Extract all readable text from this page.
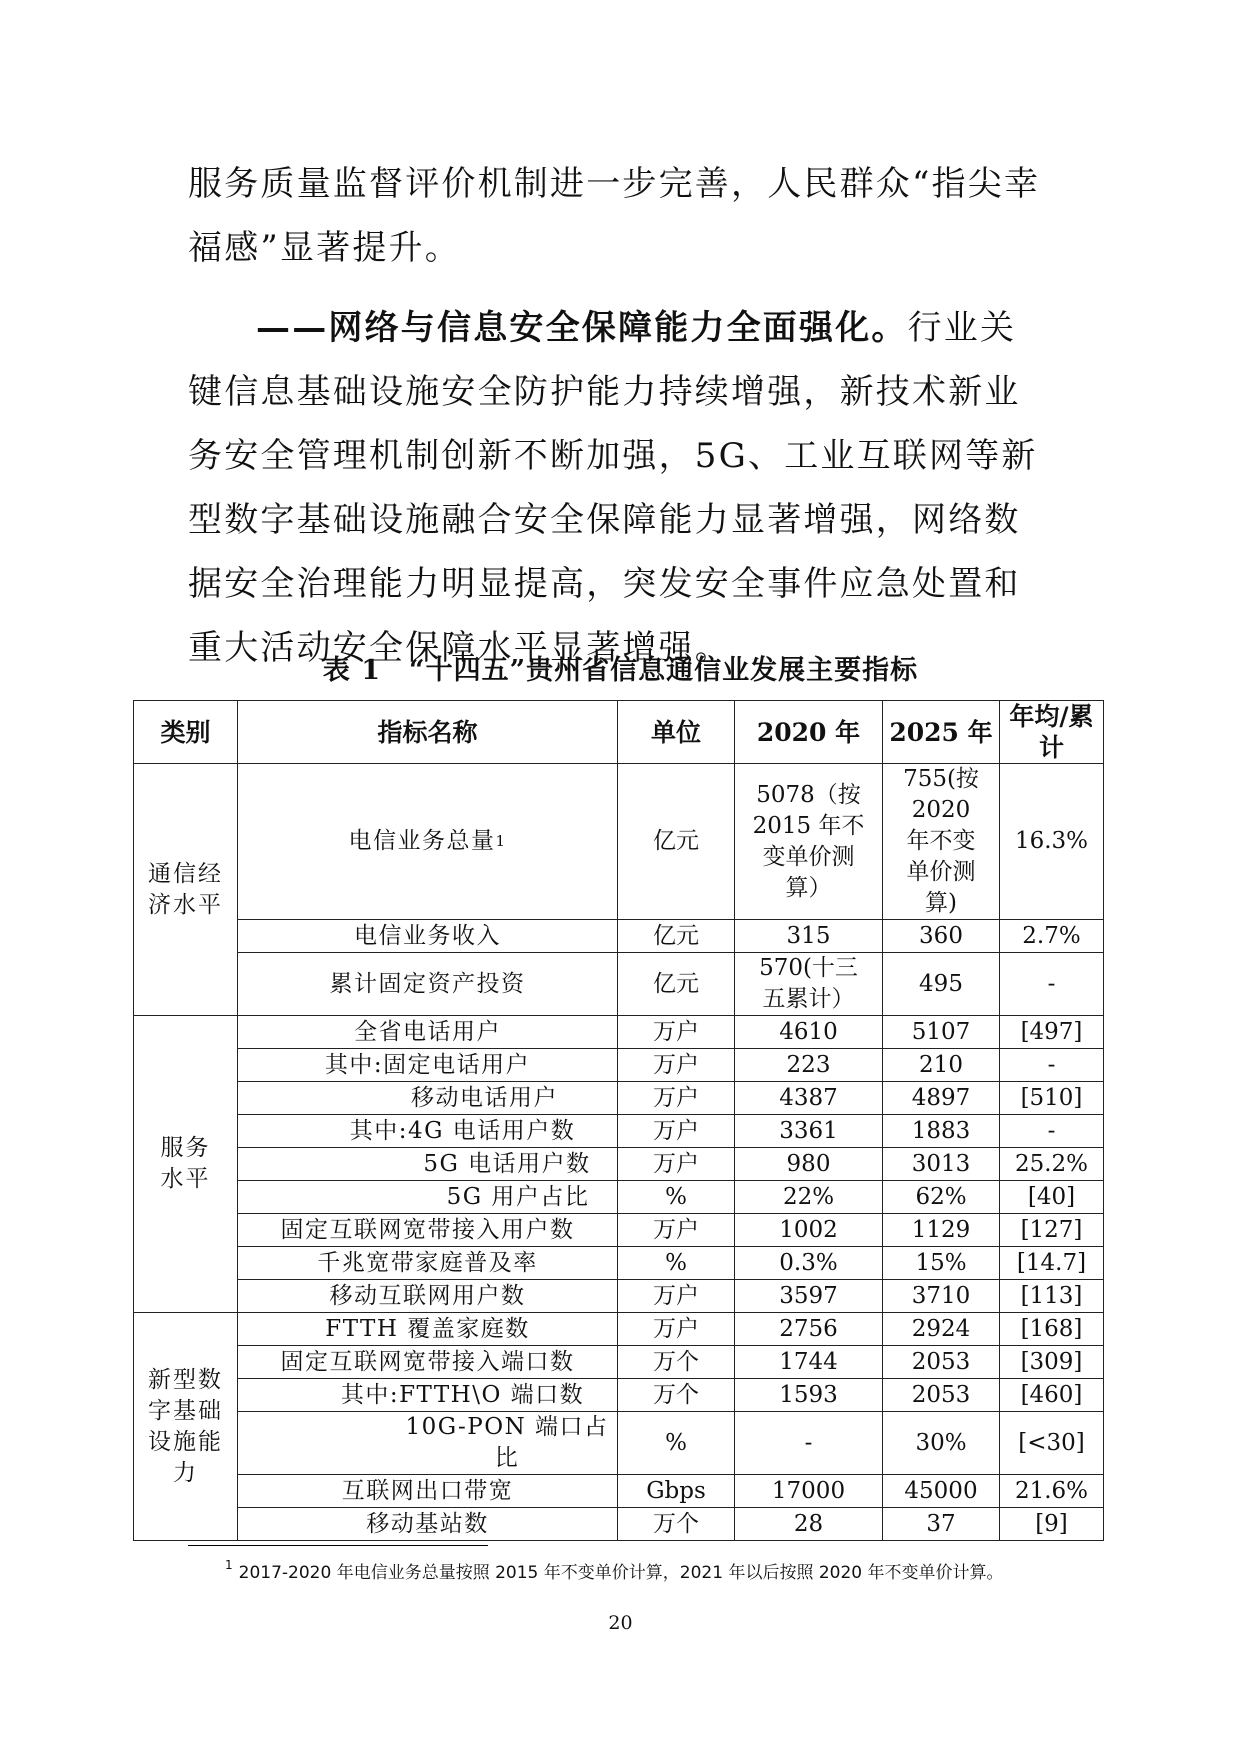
服务质量监督评价机制进一步完善，人民群众“指尖幸福感”显著提升。

——网络与信息安全保障能力全面强化。行业关键信息基础设施安全防护能力持续增强，新技术新业务安全管理机制创新不断加强，5G、工业互联网等新型数字基础设施融合安全保障能力显著增强，网络数据安全治理能力明显提高，突发安全事件应急处置和重大活动安全保障水平显著增强。

表 1　“十四五”贵州省信息通信业发展主要指标
类别	指标名称	单位	2020 年	2025 年	年均/累计
通信经济水平	电信业务总量$^1$	亿元	5078（按2015 年不变单价测算）	755(按2020 年不变单价测算)	16.3%
	电信业务收入	亿元	315	360	2.7%
	累计固定资产投资	亿元	570(十三五累计）	495	-
服务水平	全省电话用户	万户	4610	5107	[497]
	其中:固定电话用户	万户	223	210	-
	移动电话用户	万户	4387	4897	[510]
	其中:4G 电话用户数	万户	3361	1883	-
	5G 电话用户数	万户	980	3013	25.2%
	5G 用户占比	%	22%	62%	[40]
	固定互联网宽带接入用户数	万户	1002	1129	[127]
	千兆宽带家庭普及率	%	0.3%	15%	[14.7]
	移动互联网用户数	万户	3597	3710	[113]
新型数字基础设施能力	FTTH 覆盖家庭数	万户	2756	2924	[168]
	固定互联网宽带接入端口数	万个	1744	2053	[309]
	其中:FTTH\O 端口数	万个	1593	2053	[460]
	10G-PON 端口占比	%	-	30%	[<30]
	互联网出口带宽	Gbps	17000	45000	21.6%
	移动基站数	万个	28	37	[9]
$^1$ 2017-2020 年电信业务总量按照 2015 年不变单价计算，2021 年以后按照 2020 年不变单价计算。
20
